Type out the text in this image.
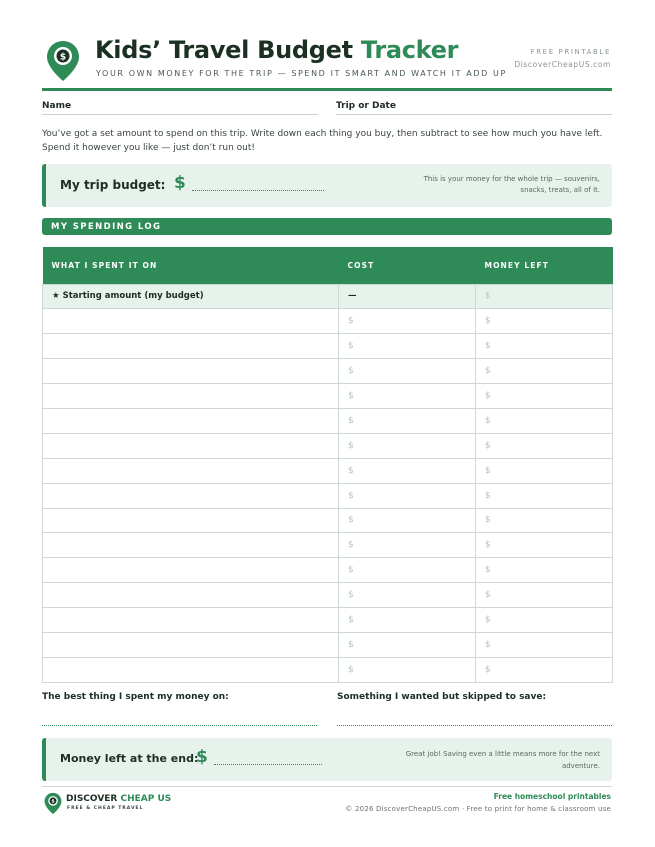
$ Kids’ Travel Budget Tracker
YOUR OWN MONEY FOR THE TRIP — SPEND IT SMART AND WATCH IT ADD UP
FREE PRINTABLE
DiscoverCheapUS.com
Name	Trip or Date
You’ve got a set amount to spend on this trip. Write down each thing you buy, then subtract to see how much you have left. Spend it however you like — just don’t run out!
My trip budget: $	This is your money for the whole trip — souvenirs, snacks, treats, all of it.
MY SPENDING LOG
WHAT I SPENT IT ON	COST	MONEY LEFT
★ Starting amount (my budget)	—	$
	$	$
	$	$
	$	$
	$	$
	$	$
	$	$
	$	$
	$	$
	$	$
	$	$
	$	$
	$	$
	$	$
	$	$
	$	$
The best thing I spent my money on:	Something I wanted but skipped to save:
Money left at the end:
$	Great job! Saving even a little means more for the next adventure.
$ DISCOVER CHEAP US
FREE & CHEAP TRAVEL
Free homeschool printables
© 2026 DiscoverCheapUS.com · Free to print for home & classroom use
